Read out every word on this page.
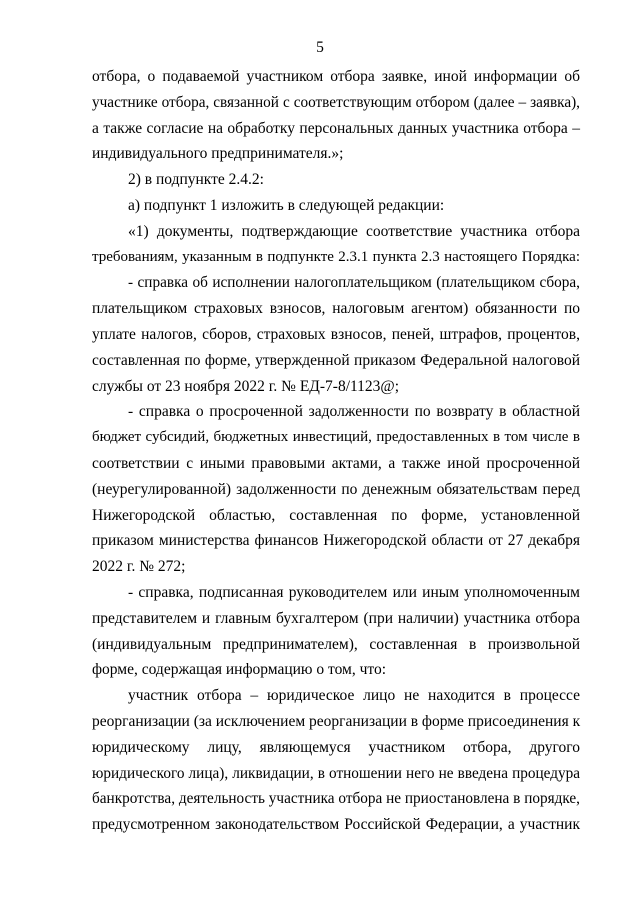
5

отбора, о подаваемой участником отбора заявке, иной информации об

участнике отбора, связанной с соответствующим отбором (далее – заявка),

а также согласие на обработку персональных данных участника отбора –

индивидуального предпринимателя.»;

2) в подпункте 2.4.2:

а) подпункт 1 изложить в следующей редакции:

«1) документы, подтверждающие соответствие участника отбора

требованиям, указанным в подпункте 2.3.1 пункта 2.3 настоящего Порядка:

- справка об исполнении налогоплательщиком (плательщиком сбора,

плательщиком страховых взносов, налоговым агентом) обязанности по

уплате налогов, сборов, страховых взносов, пеней, штрафов, процентов,

составленная по форме, утвержденной приказом Федеральной налоговой

службы от 23 ноября 2022 г. № ЕД-7-8/1123@;

- справка о просроченной задолженности по возврату в областной

бюджет субсидий, бюджетных инвестиций, предоставленных в том числе в

соответствии с иными правовыми актами, а также иной просроченной

(неурегулированной) задолженности по денежным обязательствам перед

Нижегородской областью, составленная по форме, установленной

приказом министерства финансов Нижегородской области от 27 декабря

2022 г. № 272;

- справка, подписанная руководителем или иным уполномоченным

представителем и главным бухгалтером (при наличии) участника отбора

(индивидуальным предпринимателем), составленная в произвольной

форме, содержащая информацию о том, что:

участник отбора – юридическое лицо не находится в процессе

реорганизации (за исключением реорганизации в форме присоединения к

юридическому лицу, являющемуся участником отбора, другого

юридического лица), ликвидации, в отношении него не введена процедура

банкротства, деятельность участника отбора не приостановлена в порядке,

предусмотренном законодательством Российской Федерации, а участник
